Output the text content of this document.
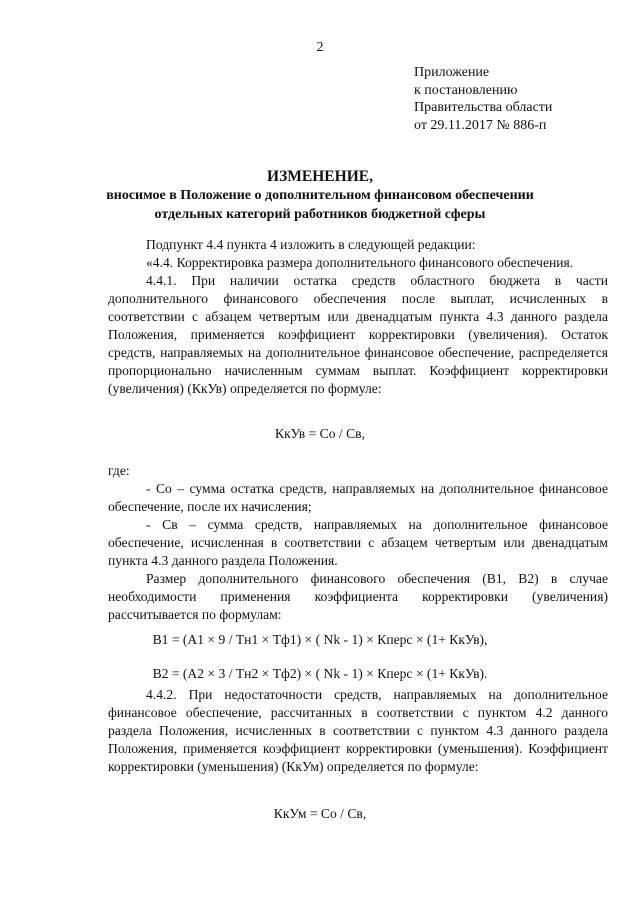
2
Приложение
к постановлению
Правительства области
от 29.11.2017 № 886-п
ИЗМЕНЕНИЕ,
вносимое в Положение о дополнительном финансовом обеспечении отдельных категорий работников бюджетной сферы

Подпункт 4.4 пункта 4 изложить в следующей редакции:

«4.4. Корректировка размера дополнительного финансового обеспечения.

4.4.1. При наличии остатка средств областного бюджета в части дополнительного финансового обеспечения после выплат, исчисленных в соответствии с абзацем четвертым или двенадцатым пункта 4.3 данного раздела Положения, применяется коэффициент корректировки (увеличения). Остаток средств, направляемых на дополнительное финансовое обеспечение, распределяется пропорционально начисленным суммам выплат. Коэффициент корректировки (увеличения) (КкУв) определяется по формуле:

КкУв = Со / Св,

где:

- Со – сумма остатка средств, направляемых на дополнительное финансовое обеспечение, после их начисления;

- Св – сумма средств, направляемых на дополнительное финансовое обеспечение, исчисленная в соответствии с абзацем четвертым или двенадцатым пункта 4.3 данного раздела Положения.

Размер дополнительного финансового обеспечения (В1, В2) в случае необходимости применения коэффициента корректировки (увеличения) рассчитывается по формулам:

В1 = (А1 × 9 / Тн1 × Тф1) × ( Nk - 1) × Кперс × (1+ КкУв),
В2 = (А2 × 3 / Тн2 × Тф2) × ( Nk - 1) × Кперс × (1+ КкУв).

4.4.2. При недостаточности средств, направляемых на дополнительное финансовое обеспечение, рассчитанных в соответствии с пунктом 4.2 данного раздела Положения, исчисленных в соответствии с пунктом 4.3 данного раздела Положения, применяется коэффициент корректировки (уменьшения). Коэффициент корректировки (уменьшения) (КкУм) определяется по формуле:

КкУм = Со / Св,
